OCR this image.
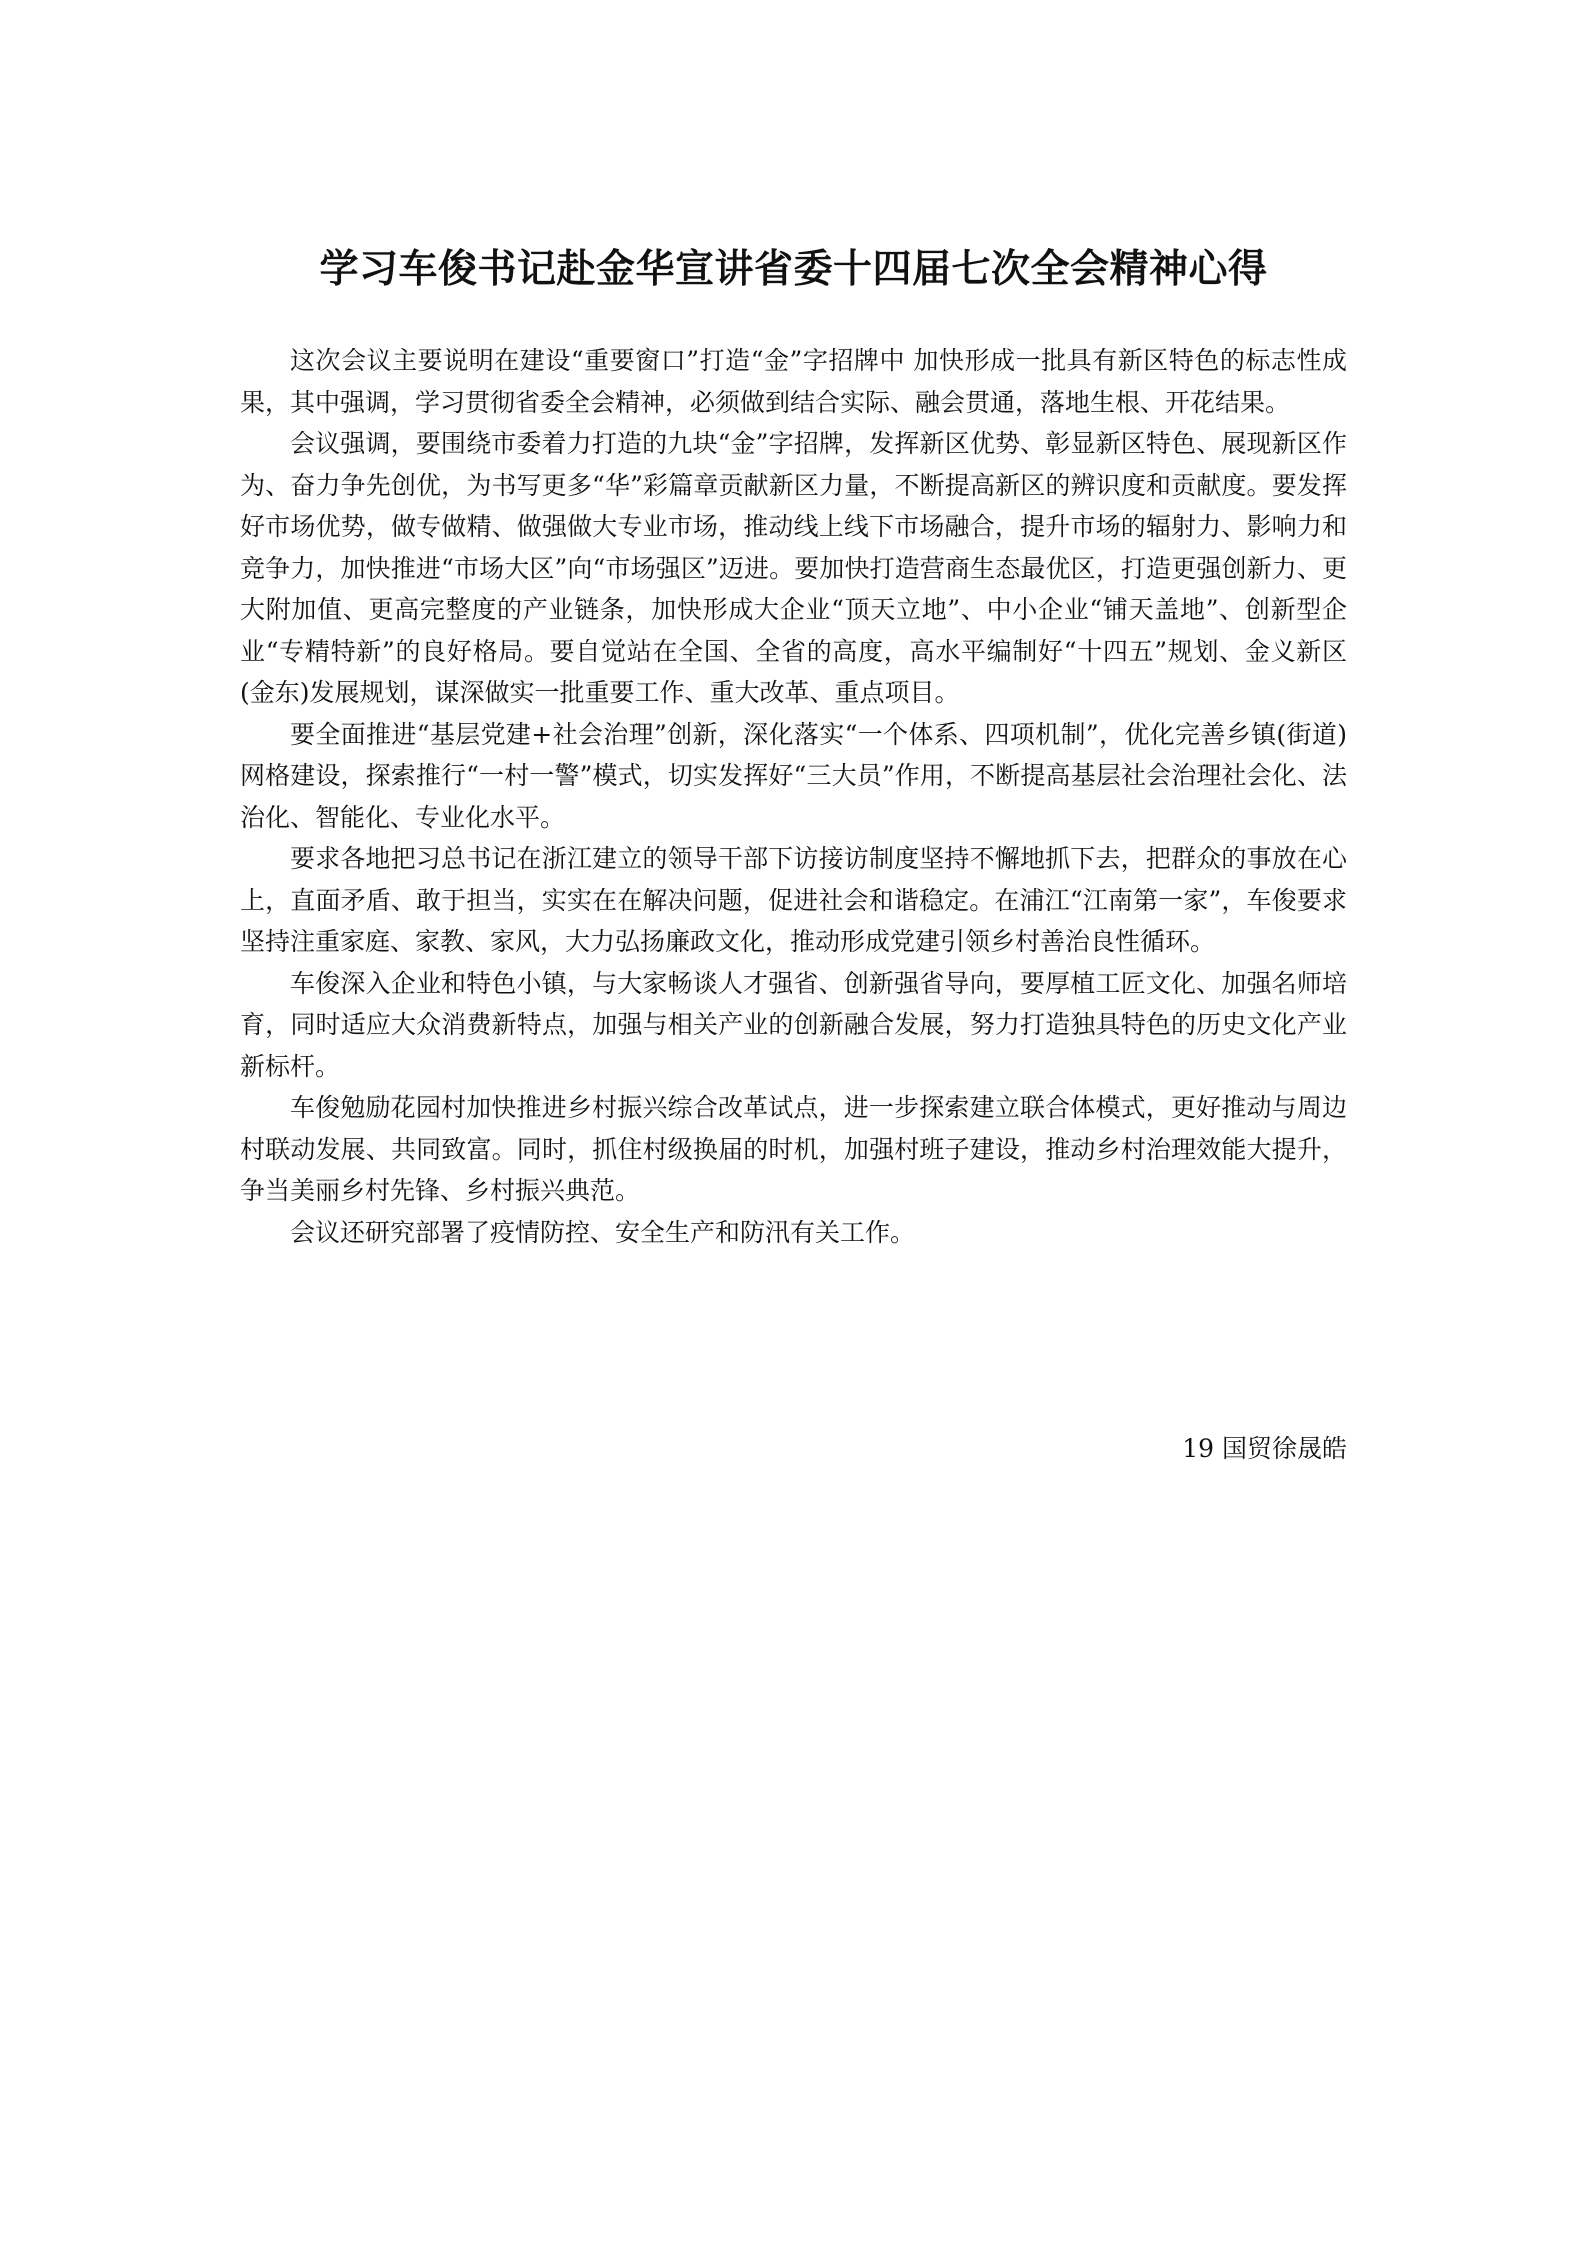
学习车俊书记赴金华宣讲省委十四届七次全会精神心得

这次会议主要说明在建设“重要窗口”打造“金”字招牌中 加快形成一批具有新区特色的标志性成果，其中强调，学习贯彻省委全会精神，必须做到结合实际、融会贯通，落地生根、开花结果。

会议强调，要围绕市委着力打造的九块“金”字招牌，发挥新区优势、彰显新区特色、展现新区作为、奋力争先创优，为书写更多“华”彩篇章贡献新区力量，不断提高新区的辨识度和贡献度。要发挥好市场优势，做专做精、做强做大专业市场，推动线上线下市场融合，提升市场的辐射力、影响力和竞争力，加快推进“市场大区”向“市场强区”迈进。要加快打造营商生态最优区，打造更强创新力、更大附加值、更高完整度的产业链条，加快形成大企业“顶天立地”、中小企业“铺天盖地”、创新型企业“专精特新”的良好格局。要自觉站在全国、全省的高度，高水平编制好“十四五”规划、金义新区(金东)发展规划，谋深做实一批重要工作、重大改革、重点项目。

要全面推进“基层党建+社会治理”创新，深化落实“一个体系、四项机制”，优化完善乡镇(街道)网格建设，探索推行“一村一警”模式，切实发挥好“三大员”作用，不断提高基层社会治理社会化、法治化、智能化、专业化水平。

要求各地把习总书记在浙江建立的领导干部下访接访制度坚持不懈地抓下去，把群众的事放在心上，直面矛盾、敢于担当，实实在在解决问题，促进社会和谐稳定。在浦江“江南第一家”，车俊要求坚持注重家庭、家教、家风，大力弘扬廉政文化，推动形成党建引领乡村善治良性循环。

车俊深入企业和特色小镇，与大家畅谈人才强省、创新强省导向，要厚植工匠文化、加强名师培育，同时适应大众消费新特点，加强与相关产业的创新融合发展，努力打造独具特色的历史文化产业新标杆。

车俊勉励花园村加快推进乡村振兴综合改革试点，进一步探索建立联合体模式，更好推动与周边村联动发展、共同致富。同时，抓住村级换届的时机，加强村班子建设，推动乡村治理效能大提升，争当美丽乡村先锋、乡村振兴典范。

会议还研究部署了疫情防控、安全生产和防汛有关工作。

19 国贸徐晟皓
